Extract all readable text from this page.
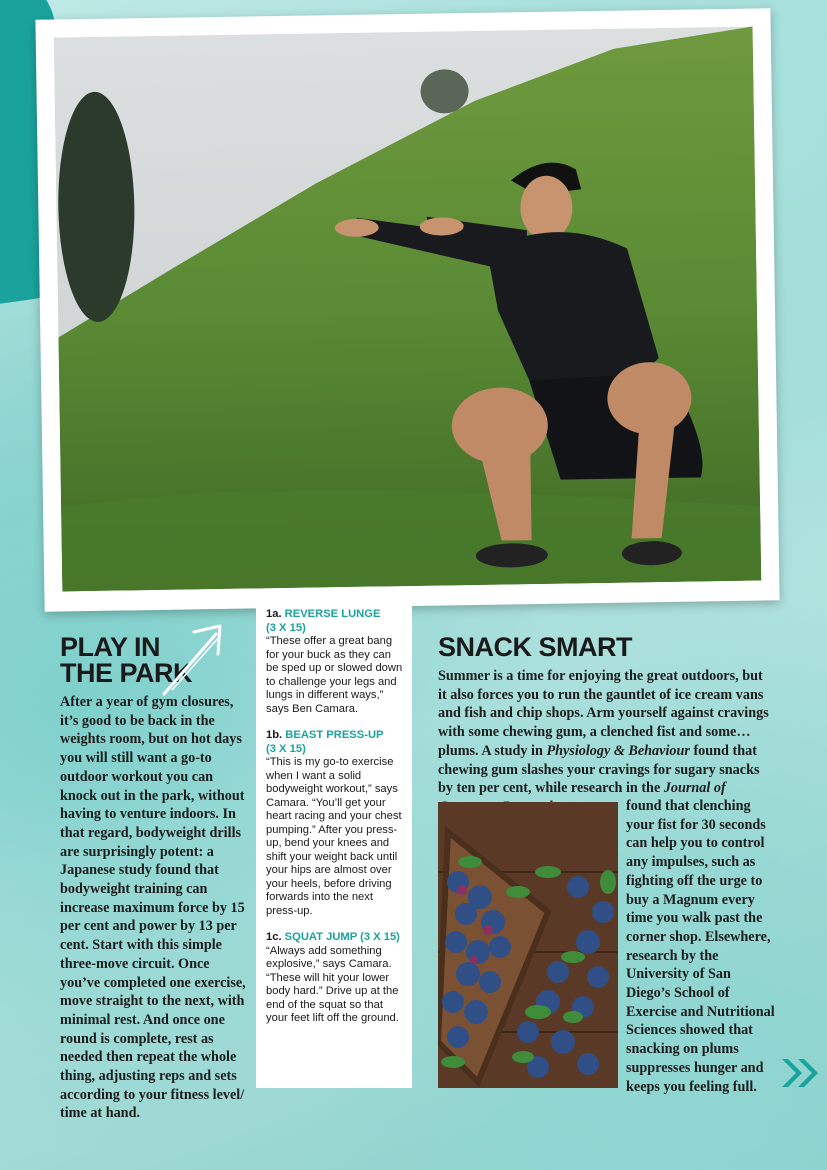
PLAY IN
THE PARK
After a year of gym closures, it’s good to be back in the weights room, but on hot days you will still want a go-to outdoor workout you can knock out in the park, without having to venture indoors. In that regard, bodyweight drills are surprisingly potent: a Japanese study found that bodyweight training can increase maximum force by 15 per cent and power by 13 per cent. Start with this simple three-move circuit. Once you’ve completed one exercise, move straight to the next, with minimal rest. And once one round is complete, rest as needed then repeat the whole thing, adjusting reps and sets according to your fitness level/ time at hand.
1a. REVERSE LUNGE
(3 X 15)
“These offer a great bang for your buck as they can be sped up or slowed down to challenge your legs and lungs in different ways,” says Ben Camara.
1b. BEAST PRESS-UP
(3 X 15)
“This is my go-to exercise when I want a solid bodyweight workout,” says Camara. “You’ll get your heart racing and your chest pumping.” After you press-up, bend your knees and shift your weight back until your hips are almost over your heels, before driving forwards into the next press-up.
1c. SQUAT JUMP (3 X 15)
“Always add something explosive,” says Camara. “These will hit your lower body hard.” Drive up at the end of the squat so that your feet lift off the ground.
SNACK SMART
Summer is a time for enjoying the great outdoors, but it also forces you to run the gauntlet of ice cream vans and fish and chip shops. Arm yourself against cravings with some chewing gum, a clenched fist and some… plums. A study in Physiology & Behaviour found that chewing gum slashes your cravings for sugary snacks by ten per cent, while research in the Journal of
found that clenching your fist for 30 seconds can help you to control any impulses, such as fighting off the urge to buy a Magnum every time you walk past the corner shop. Elsewhere, research by the University of San Diego’s School of Exercise and Nutritional Sciences showed that snacking on plums suppresses hunger and keeps you feeling full.
